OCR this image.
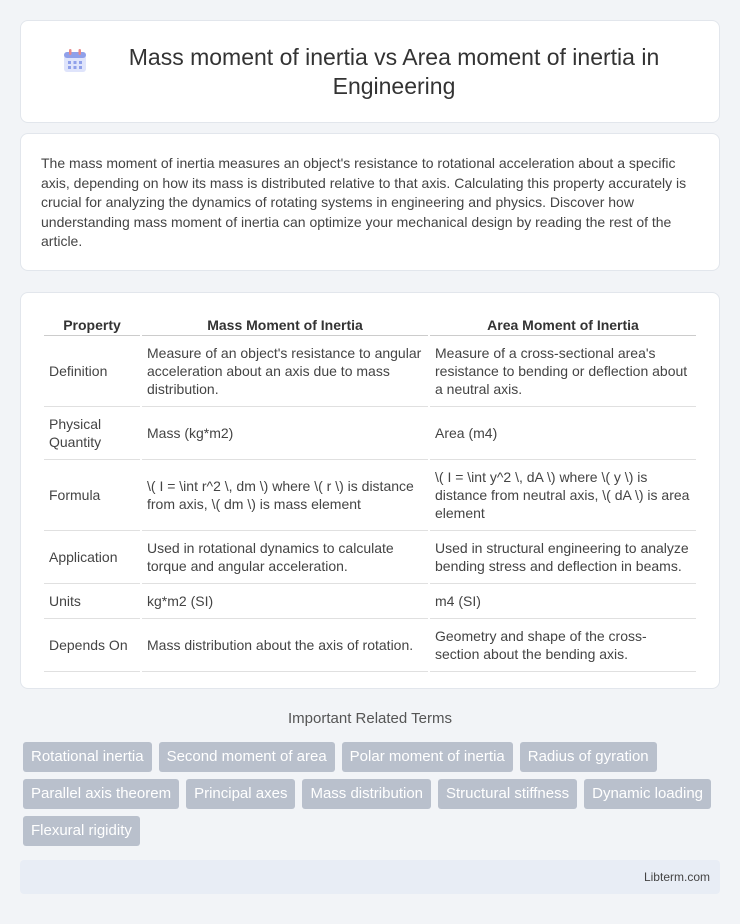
Mass moment of inertia vs Area moment of inertia in Engineering

The mass moment of inertia measures an object's resistance to rotational acceleration about a specific axis, depending on how its mass is distributed relative to that axis. Calculating this property accurately is crucial for analyzing the dynamics of rotating systems in engineering and physics. Discover how understanding mass moment of inertia can optimize your mechanical design by reading the rest of the article.

Property	Mass Moment of Inertia	Area Moment of Inertia
Definition	Measure of an object's resistance to angular acceleration about an axis due to mass distribution.	Measure of a cross-sectional area's resistance to bending or deflection about a neutral axis.
Physical Quantity	Mass (kg*m2)	Area (m4)
Formula	\( I = \int r^2 \, dm \) where \( r \) is distance from axis, \( dm \) is mass element	\( I = \int y^2 \, dA \) where \( y \) is distance from neutral axis, \( dA \) is area element
Application	Used in rotational dynamics to calculate torque and angular acceleration.	Used in structural engineering to analyze bending stress and deflection in beams.
Units	kg*m2 (SI)	m4 (SI)
Depends On	Mass distribution about the axis of rotation.	Geometry and shape of the cross-section about the bending axis.
Important Related Terms
Rotational inertia	Second moment of area	Polar moment of inertia	Radius of gyration
Parallel axis theorem	Principal axes	Mass distribution	Structural stiffness	Dynamic loading
Flexural rigidity
Libterm.com
